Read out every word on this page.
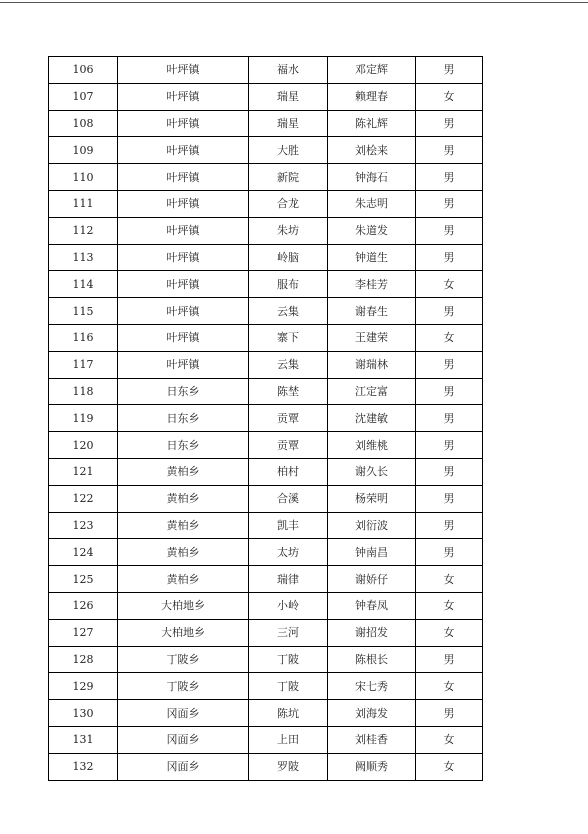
106	叶坪镇	福水	邓定辉	男
107	叶坪镇	瑞星	赖理春	女
108	叶坪镇	瑞星	陈礼辉	男
109	叶坪镇	大胜	刘桧来	男
110	叶坪镇	新院	钟海石	男
111	叶坪镇	合龙	朱志明	男
112	叶坪镇	朱坊	朱道发	男
113	叶坪镇	岭脑	钟道生	男
114	叶坪镇	服布	李桂芳	女
115	叶坪镇	云集	谢春生	男
116	叶坪镇	寨下	王建荣	女
117	叶坪镇	云集	谢瑞林	男
118	日东乡	陈埜	江定富	男
119	日东乡	贡覃	沈建敏	男
120	日东乡	贡覃	刘维桃	男
121	黄柏乡	柏村	谢久长	男
122	黄柏乡	合溪	杨荣明	男
123	黄柏乡	凯丰	刘衍波	男
124	黄柏乡	太坊	钟南昌	男
125	黄柏乡	瑞律	谢娇仔	女
126	大柏地乡	小岭	钟春凤	女
127	大柏地乡	三河	谢招发	女
128	丁陂乡	丁陂	陈根长	男
129	丁陂乡	丁陂	宋七秀	女
130	冈面乡	陈坑	刘海发	男
131	冈面乡	上田	刘桂香	女
132	冈面乡	罗陂	阙顺秀	女
